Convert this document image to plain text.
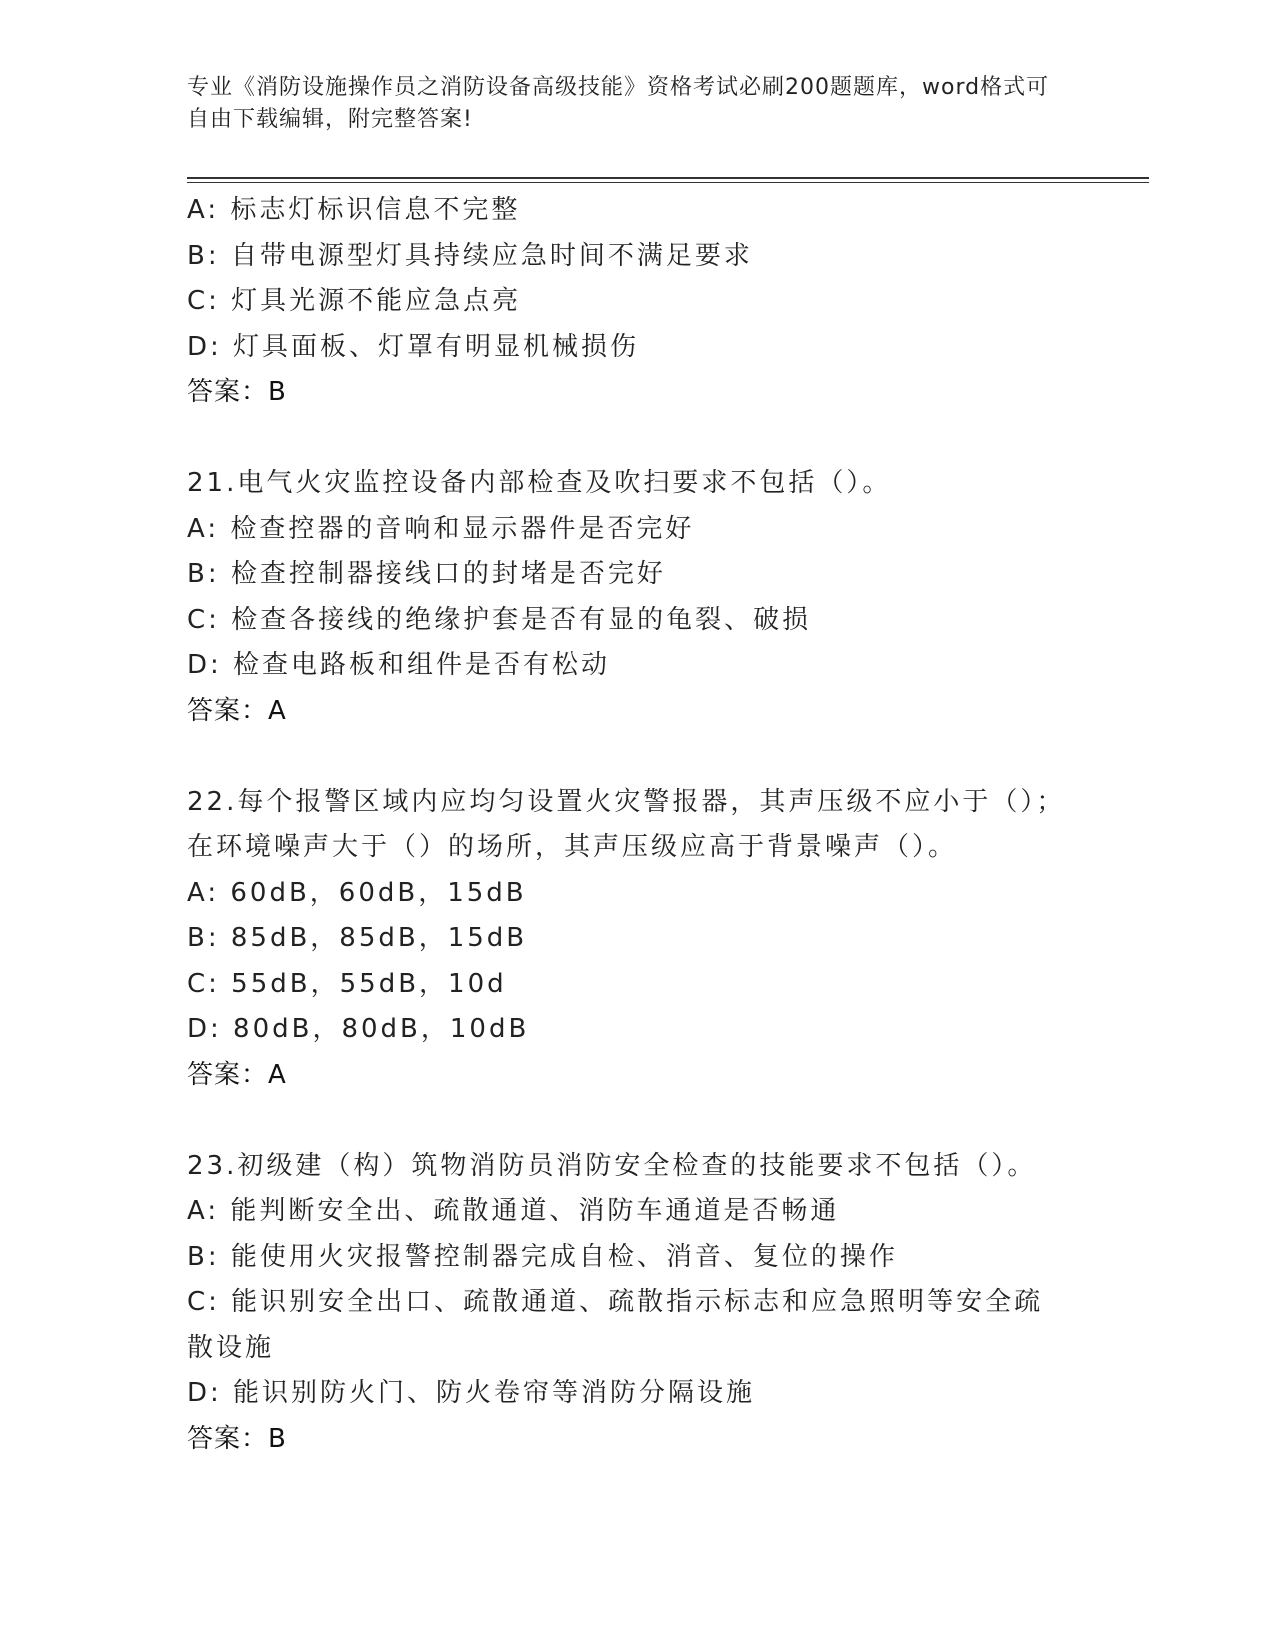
专业《消防设施操作员之消防设备高级技能》资格考试必刷200题题库，word格式可自由下载编辑，附完整答案!
A: 标志灯标识信息不完整
B: 自带电源型灯具持续应急时间不满足要求
C: 灯具光源不能应急点亮
D: 灯具面板、灯罩有明显机械损伤
答案：B
21.电气火灾监控设备内部检查及吹扫要求不包括（）。
A: 检查控器的音响和显示器件是否完好
B: 检查控制器接线口的封堵是否完好
C: 检查各接线的绝缘护套是否有显的龟裂、破损
D: 检查电路板和组件是否有松动
答案：A
22.每个报警区域内应均匀设置火灾警报器，其声压级不应小于（）；
在环境噪声大于（）的场所，其声压级应高于背景噪声（）。
A: 60dB，60dB，15dB
B: 85dB，85dB，15dB
C: 55dB，55dB，10d
D: 80dB，80dB，10dB
答案：A
23.初级建（构）筑物消防员消防安全检查的技能要求不包括（）。
A: 能判断安全出、疏散通道、消防车通道是否畅通
B: 能使用火灾报警控制器完成自检、消音、复位的操作
C: 能识别安全出口、疏散通道、疏散指示标志和应急照明等安全疏散设施
D: 能识别防火门、防火卷帘等消防分隔设施
答案：B
